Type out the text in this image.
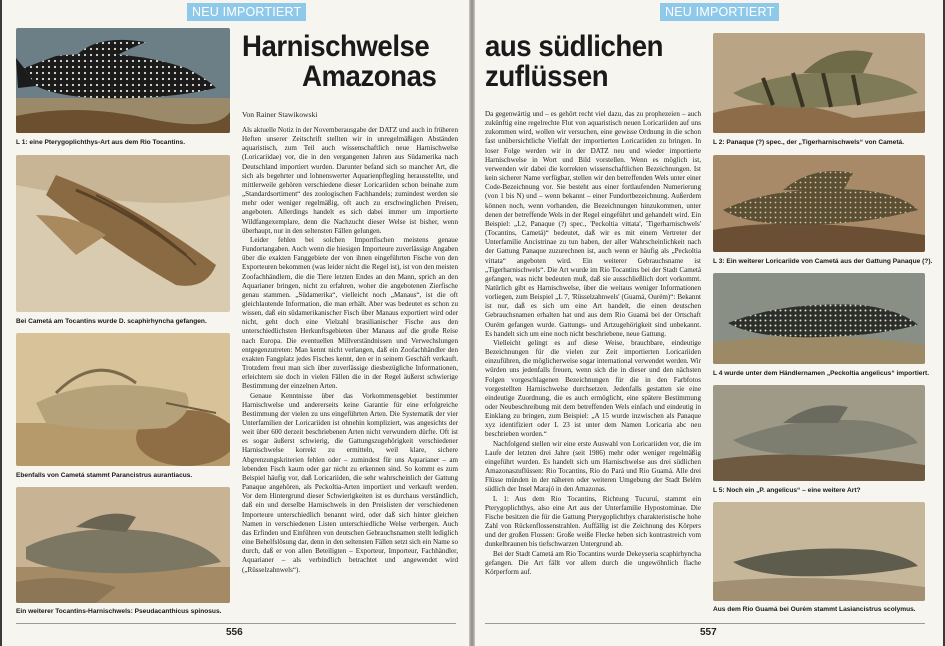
NEU IMPORTIERT
L 1: eine Pterygoplichthys-Art aus dem Rio Tocantins.
Bei Cametá am Tocantins wurde D. scaphirhyncha gefangen.
Ebenfalls von Cametá stammt Parancistrus aurantiacus.
Ein weiterer Tocantins-Harnischwels: Pseudacanthicus spinosus.
Harnischwelse
Amazonas
Von Rainer Stawikowski

Als aktuelle Notiz in der Novemberausgabe der DATZ und auch in früheren Heften unserer Zeitschrift stellten wir in unregelmäßigen Abständen aquaristisch, zum Teil auch wissenschaftlich neue Harnischwelse (Loricariidae) vor, die in den vergangenen Jahren aus Südamerika nach Deutschland importiert wurden. Darunter befand sich so mancher Art, die sich als begehrter und lohnenswerter Aquarienpflegling herausstellte, und mittlerweile gehören verschiedene dieser Loricariiden schon beinahe zum „Standardsortiment“ des zoologischen Fachhandels; zumindest werden sie mehr oder weniger regelmäßig, oft auch zu erschwinglichen Preisen, angeboten. Allerdings handelt es sich dabei immer um importierte Wildfangexemplare, denn die Nachzucht dieser Welse ist bisher, wenn überhaupt, nur in den seltensten Fällen gelungen.

Leider fehlen bei solchen Importfischen meistens genaue Fundortangaben. Auch wenn die hiesigen Importeure zuverlässige Angaben über die exakten Fanggebiete der von ihnen eingeführten Fische von den Exporteuren bekommen (was leider nicht die Regel ist), ist von den meisten Zoofachhändlern, die die Tiere letzten Endes an den Mann, sprich an den Aquarianer bringen, nicht zu erfahren, woher die angebotenen Zierfische genau stammen. „Südamerika“, vielleicht noch „Manaus“, ist die oft gleichlautende Information, die man erhält. Aber was bedeutet es schon zu wissen, daß ein südamerikanischer Fisch über Manaus exportiert wird oder nicht, geht doch eine Vielzahl brasilianischer Fische aus den unterschiedlichsten Herkunftsgebieten über Manaus auf die große Reise nach Europa. Die eventuellen Millverständnissen und Verwechslungen entgegenzutreten: Man kennt nicht verlangen, daß ein Zoofachhändler den exakten Fangplatz jedes Fisches kennt, den er in seinem Geschäft verkauft. Trotzdem freut man sich über zuverlässige diesbezügliche Informationen, erleichtern sie doch in vielen Fällen die in der Regel äußerst schwierige Bestimmung der einzelnen Arten.

Genaue Kenntnisse über das Vorkommensgebiet bestimmter Harnischwelse und andererseits keine Garantie für eine erfolgreiche Bestimmung der vielen zu uns eingeführten Arten. Die Systematik der vier Unterfamilien der Loricariiden ist ohnehin kompliziert, was angesichts der weit über 600 derzeit beschriebenen Arten nicht verwundern dürfte. Oft ist es sogar äußerst schwierig, die Gattungszugehörigkeit verschiedener Harnischwelse korrekt zu ermitteln, weil klare, sichere Abgrenzungskriterien fehlen oder – zumindest für uns Aquarianer – am lebenden Fisch kaum oder gar nicht zu erkennen sind. So kommt es zum Beispiel häufig vor, daß Loricariiden, die sehr wahrscheinlich der Gattung Panaque angehören, als Peckoltia-Arten importiert und verkauft werden. Vor dem Hintergrund dieser Schwierigkeiten ist es durchaus verständlich, daß ein und derselbe Harnischwels in den Preislisten der verschiedenen Importeure unterschiedlich benannt wird, oder daß sich hinter gleichen Namen in verschiedenen Listen unterschiedliche Welse verbergen. Auch das Erfinden und Einführen von deutschen Gebrauchsnamen stellt lediglich eine Behelfslösung dar, denn in den seltensten Fällen setzt sich ein Name so durch, daß er von allen Beteiligten – Exporteur, Importeur, Fachhändler, Aquarianer – als verbindlich betrachtet und angewendet wird („Rüsselzahnwels“).

556
NEU IMPORTIERT
aus südlichen
zuflüssen

Da gegenwärtig und – es gehört recht viel dazu, das zu prophezeien – auch zukünftig eine regelrechte Flut von aquaristisch neuen Loricariiden auf uns zukommen wird, wollen wir versuchen, eine gewisse Ordnung in die schon fast unübersichtliche Vielfalt der importierten Loricariiden zu bringen. In loser Folge werden wir in der DATZ neu und wieder importierte Harnischwelse in Wort und Bild vorstellen. Wenn es möglich ist, verwenden wir dabei die korrekten wissenschaftlichen Bezeichnungen. Ist kein sicherer Name verfügbar, stellen wir den betreffenden Wels unter einer Code-Bezeichnung vor. Sie besteht aus einer fortlaufenden Numerierung (von 1 bis N) und – wenn bekannt – einer Fundortbezeichnung. Außerdem können noch, wenn vorhanden, die Bezeichnungen hinzukommen, unter denen der betreffende Wels in der Regel eingeführt und gehandelt wird. Ein Beispiel: „L2, Panaque (?) spec., 'Peckoltia vittata', 'Tigerharnischwels' (Tocantins, Cametá)“ bedeutet, daß wir es mit einem Vertreter der Unterfamilie Ancistrinae zu tun haben, der aller Wahrscheinlichkeit nach der Gattung Panaque zuzurechnen ist, auch wenn er häufig als „Peckoltia vittata“ angeboten wird. Ein weiterer Gebrauchsname ist „Tigerharnischwels“. Die Art wurde im Rio Tocantins bei der Stadt Cametá gefangen, was nicht bedeuten muß, daß sie ausschließlich dort vorkommt. Natürlich gibt es Harnischwelse, über die weitaus weniger Informationen vorliegen, zum Beispiel „L 7, 'Rüsselzahnwels' (Guamá, Ourém)“: Bekannt ist nur, daß es sich um eine Art handelt, die einen deutschen Gebrauchsnamen erhalten hat und aus dem Rio Guamá bei der Ortschaft Ourém gefangen wurde. Gattungs- und Artzugehörigkeit sind unbekannt. Es handelt sich um eine noch nicht beschriebene, neue Gattung.

Vielleicht gelingt es auf diese Weise, brauchbare, eindeutige Bezeichnungen für die vielen zur Zeit importierten Loricariiden einzuführen, die möglicherweise sogar international verwendet werden. Wir würden uns jedenfalls freuen, wenn sich die in dieser und den nächsten Folgen vorgeschlagenen Bezeichnungen für die in den Farbfotos vorgestellten Harnischwelse durchsetzen. Jedenfalls gestatten sie eine eindeutige Zuordnung, die es auch ermöglicht, eine spätere Bestimmung oder Neubeschreibung mit dem betreffenden Wels einfach und eindeutig in Einklang zu bringen, zum Beispiel: „A 15 wurde inzwischen als Panaque xyz identifiziert oder L 23 ist unter dem Namen Loricaria abc neu beschrieben worden.“

Nachfolgend stellen wir eine erste Auswahl von Loricariiden vor, die im Laufe der letzten drei Jahre (seit 1986) mehr oder weniger regelmäßig eingeführt wurden. Es handelt sich um Harnischwelse aus drei südlichen Amazonaszuflüssen: Rio Tocantins, Rio do Pará und Rio Guamá. Alle drei Flüsse münden in der näheren oder weiteren Umgebung der Stadt Belém südlich der Insel Marajó in den Amazonas.

L 1: Aus dem Rio Tocantins, Richtung Tucuruí, stammt ein Pterygoplichthys, also eine Art aus der Unterfamilie Hypostominae. Die Fische besitzen die für die Gattung Pterygoplichthys charakteristische hohe Zahl von Rückenflossenstrahlen. Auffällig ist die Zeichnung des Körpers und der großen Flossen: Große weiße Flecke heben sich kontrastreich vom dunkelbraunen bis tiefschwarzen Untergrund ab.

Bei der Stadt Cametá am Rio Tocantins wurde Dekeyseria scaphirhyncha gefangen. Die Art fällt vor allem durch die ungewöhnlich flache Körperform auf.

L 2: Panaque (?) spec., der „Tigerharnischwels“ von Cametá.
L 3: Ein weiterer Loricariide von Cametá aus der Gattung Panaque (?).
L 4 wurde unter dem Händlernamen „Peckoltia angelicus“ importiert.
L 5: Noch ein „P. angelicus“ – eine weitere Art?
Aus dem Rio Guamá bei Ourém stammt Lasiancistrus scolymus.
557
